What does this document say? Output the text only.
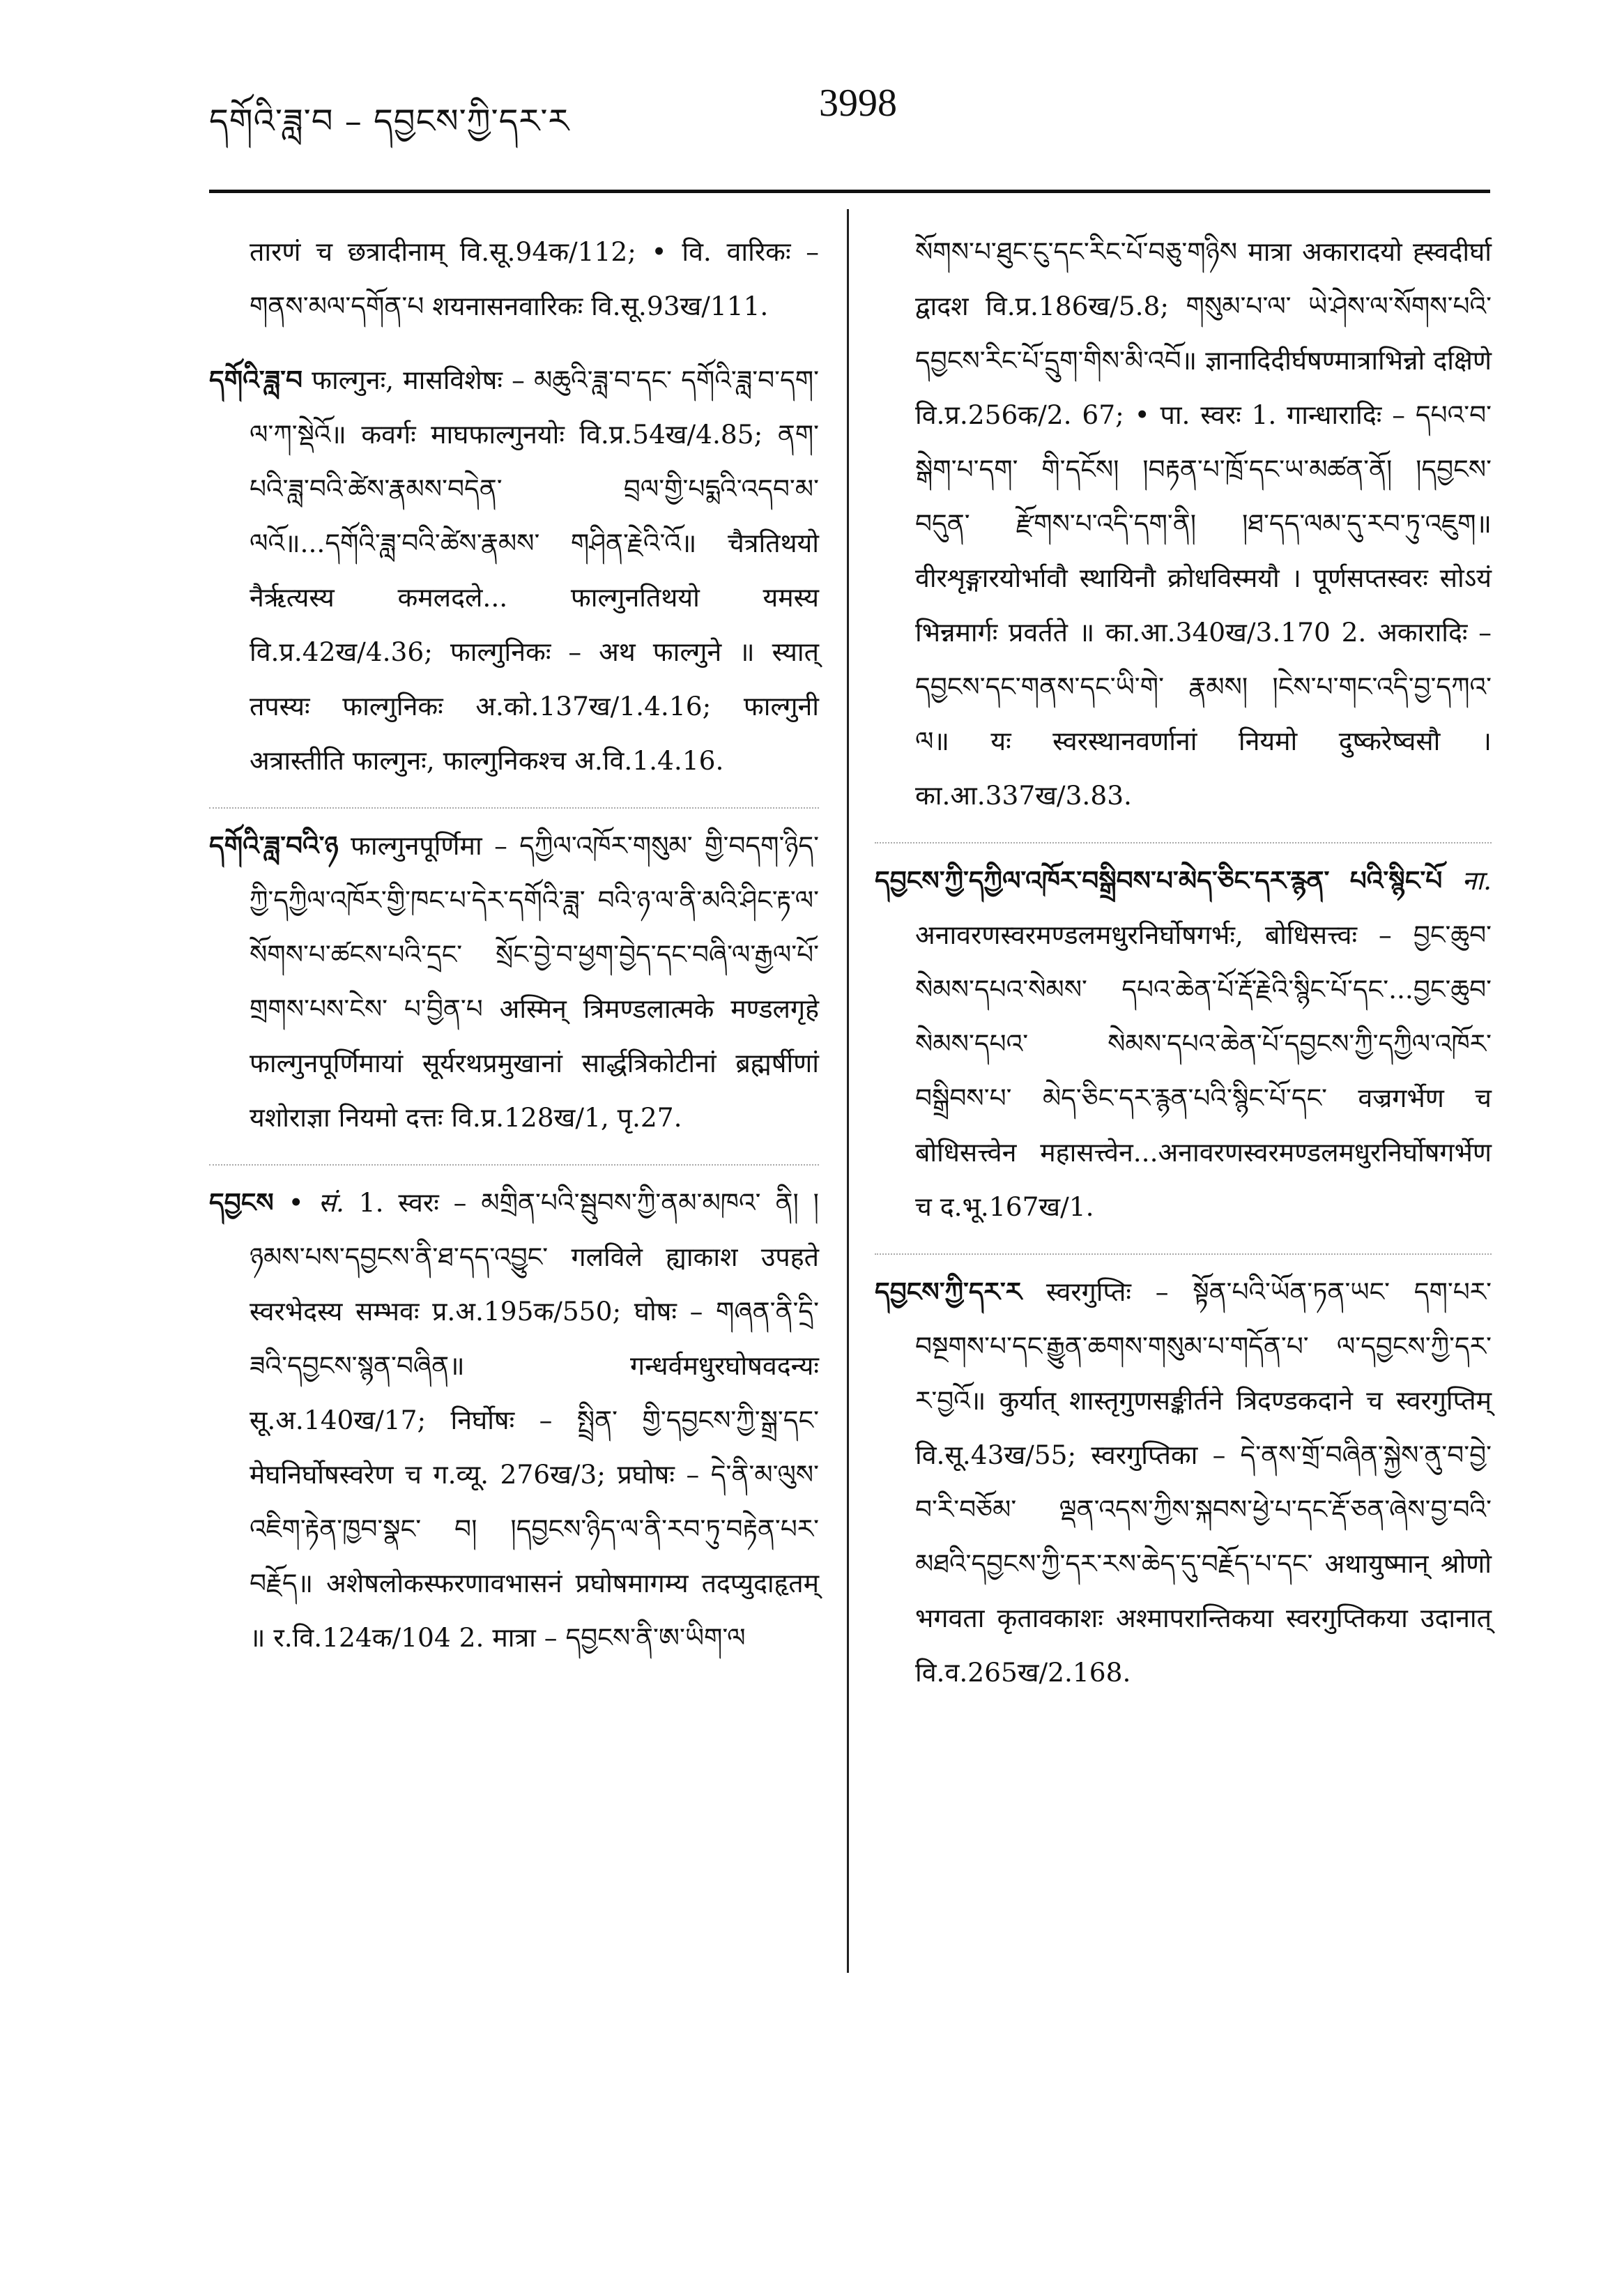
དགོའི་ཟླ་བ – དབྱངས་ཀྱི་དར་ར	3998

तारणं च छत्रादीनाम् वि.सू.94क/112; • वि. वारिकः – གནས་མལ་དགོན་པ शयनासनवारिकः वि.सू.93ख/111.

དགོའི་ཟླ་བ फाल्गुनः, मासविशेषः – མཆུའི་ཟླ་བ་དང་ དགོའི་ཟླ་བ་དག་ལ་ཀ་སྡེའོ॥ कवर्गः माघफाल्गुनयोः वि.प्र.54ख/4.85; ནག་པའི་ཟླ་བའི་ཚེས་རྣམས་བདེན་ བྲལ་གྱི་པདྨའི་འདབ་མ་ལའོ॥...དགོའི་ཟླ་བའི་ཚེས་རྣམས་ གཤིན་རྗེའི་འོ॥ चैत्रतिथयो नैर्ऋत्यस्य कमलदले... फाल्गुनतिथयो यमस्य वि.प्र.42ख/4.36; फाल्गुनिकः – अथ फाल्गुने ॥ स्यात् तपस्यः फाल्गुनिकः अ.को.137ख/1.4.16; फाल्गुनी अत्रास्तीति फाल्गुनः, फाल्गुनिकश्च अ.वि.1.4.16.

དགོའི་ཟླ་བའི་ཉ फाल्गुनपूर्णिमा – དཀྱིལ་འཁོར་གསུམ་ གྱི་བདག་ཉིད་ཀྱི་དཀྱིལ་འཁོར་གྱི་ཁང་པ་དེར་དགོའི་ཟླ་ བའི་ཉ་ལ་ནི་མའི་ཤིང་རྟ་ལ་སོགས་པ་ཚངས་པའི་དྲང་ སྲོང་བྱེ་བ་ཕྱག་བྱེད་དང་བཞི་ལ་རྒྱལ་པོ་གྲགས་པས་ངེས་ པ་བྱིན་པ अस्मिन् त्रिमण्डलात्मके मण्डलगृहे फाल्गुनपूर्णिमायां सूर्यरथप्रमुखानां सार्द्धत्रिकोटीनां ब्रह्मर्षीणां यशोराज्ञा नियमो दत्तः वि.प्र.128ख/1, पृ.27.

དབྱངས • सं. 1. स्वरः – མགྲིན་པའི་སྦུབས་ཀྱི་ནམ་མཁའ་ ནི། །ཉམས་པས་དབྱངས་ནི་ཐ་དད་འབྱུང་ गलविले ह्याकाश उपहते स्वरभेदस्य सम्भवः प्र.अ.195क/550; घोषः – གཞན་ནི་དྲི་ཟའི་དབྱངས་སྙན་བཞིན॥ गन्धर्वमधुरघोषवदन्यः सू.अ.140ख/17; निर्घोषः – སྤྲིན་ གྱི་དབྱངས་ཀྱི་སྒྲ་དང་ मेघनिर्घोषस्वरेण च ग.व्यू. 276ख/3; प्रघोषः – དེ་ནི་མ་ལུས་འཇིག་རྟེན་ཁྱབ་སྣང་ བ། །དབྱངས་ཉིད་ལ་ནི་རབ་ཏུ་བརྟེན་པར་བརྗོད॥ अशेषलोकस्फरणावभासनं प्रघोषमागम्य तदप्युदाहृतम् ॥ र.वि.124क/104 2. मात्रा – དབྱངས་ནི་ཨ་ཡིག་ལ

སོགས་པ་ཐུང་ངུ་དང་རིང་པོ་བཅུ་གཉིས मात्रा अकारादयो ह्स्वदीर्घा द्वादश वि.प्र.186ख/5.8; གསུམ་པ་ལ་ ཡེ་ཤེས་ལ་སོགས་པའི་དབྱངས་རིང་པོ་དྲུག་གིས་མི་འབོ॥ ज्ञानादिदीर्घषण्मात्राभिन्नो दक्षिणे वि.प्र.256क/2. 67; • पा. स्वरः 1. गान्धारादिः – དཔའ་བ་སྒེག་པ་དག་ གི་དངོས། །བརྟན་པ་ཁྲོ་དང་ཡ་མཚན་ནོ། །དབྱངས་བདུན་ རྫོགས་པ་འདི་དག་ནི། །ཐ་དད་ལམ་དུ་རབ་ཏུ་འཇུག॥ वीरशृङ्गारयोर्भावौ स्थायिनौ क्रोधविस्मयौ । पूर्णसप्तस्वरः सोऽयं भिन्नमार्गः प्रवर्तते ॥ का.आ.340ख/3.170 2. अकारादिः – དབྱངས་དང་གནས་དང་ཡི་གེ་ རྣམས། །ངེས་པ་གང་འདི་བྱ་དཀའ་ལ॥ यः स्वरस्थानवर्णानां नियमो दुष्करेष्वसौ । का.आ.337ख/3.83.

དབྱངས་ཀྱི་དཀྱིལ་འཁོར་བསྒྲིབས་པ་མེད་ཅིང་དར་རྙན་ པའི་སྙིང་པོ ना. अनावरणस्वरमण्डलमधुरनिर्घोषगर्भः, बोधिसत्त्वः – བྱང་ཆུབ་སེམས་དཔའ་སེམས་ དཔའ་ཆེན་པོ་རྡོ་རྗེའི་སྙིང་པོ་དང་...བྱང་ཆུབ་སེམས་དཔའ་ སེམས་དཔའ་ཆེན་པོ་དབྱངས་ཀྱི་དཀྱིལ་འཁོར་བསྒྲིབས་པ་ མེད་ཅིང་དར་རྙན་པའི་སྙིང་པོ་དང་ वज्रगर्भेण च बोधिसत्त्वेन महासत्त्वेन...अनावरणस्वरमण्डलमधुरनिर्घोषगर्भेण च द.भू.167ख/1.

དབྱངས་ཀྱི་དར་ར स्वरगुप्तिः – སྟོན་པའི་ཡོན་ཏན་ཡང་ དག་པར་བསྔགས་པ་དང་རྒྱུན་ཆགས་གསུམ་པ་གདོན་པ་ ལ་དབྱངས་ཀྱི་དར་ར་བྱའོ॥ कुर्यात् शास्तृगुणसङ्कीर्तने त्रिदण्डकदाने च स्वरगुप्तिम् वि.सू.43ख/55; स्वरगुप्तिका – དེ་ནས་གྲོ་བཞིན་སྐྱེས་ནུ་བ་བྱེ་བ་རི་བཅོམ་ ལྡན་འདས་ཀྱིས་སྐབས་ཕྱེ་པ་དང་རྡོ་ཅན་ཞེས་བྱ་བའི་ མཐའི་དབྱངས་ཀྱི་དར་རས་ཆེད་དུ་བརྗོད་པ་དང་ अथायुष्मान् श्रोणो भगवता कृतावकाशः अश्मापरान्तिकया स्वरगुप्तिकया उदानात् वि.व.265ख/2.168.
